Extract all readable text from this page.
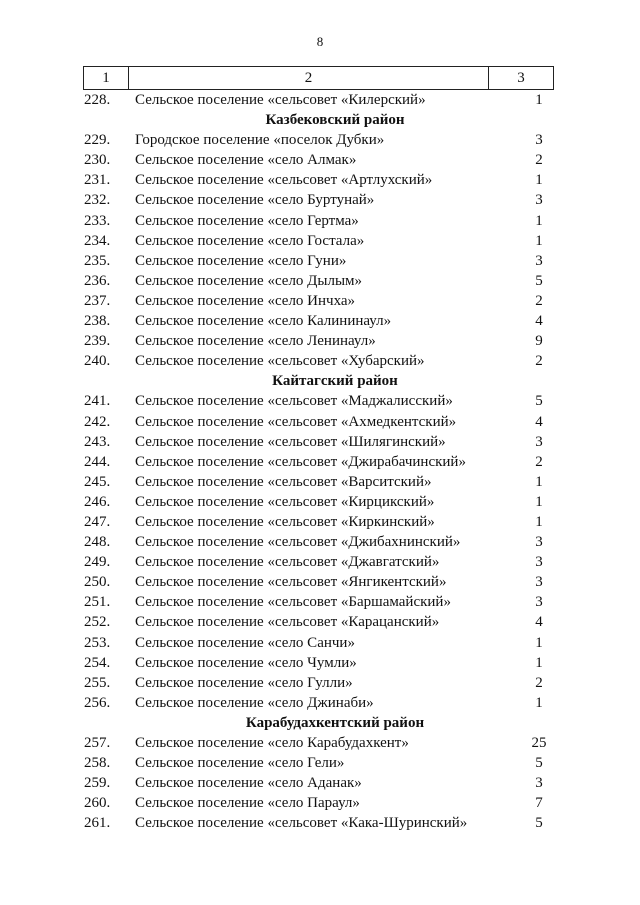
8
1	2	3
228.	Сельское поселение «сельсовет «Килерский»	1
Казбековский район
229.	Городское поселение «поселок Дубки»	3
230.	Сельское поселение «село Алмак»	2
231.	Сельское поселение «сельсовет «Артлухский»	1
232.	Сельское поселение «село Буртунай»	3
233.	Сельское поселение «село Гертма»	1
234.	Сельское поселение «село Гостала»	1
235.	Сельское поселение «село Гуни»	3
236.	Сельское поселение «село Дылым»	5
237.	Сельское поселение «село Инчха»	2
238.	Сельское поселение «село Калининаул»	4
239.	Сельское поселение «село Ленинаул»	9
240.	Сельское поселение «сельсовет «Хубарский»	2
Кайтагский район
241.	Сельское поселение «сельсовет «Маджалисский»	5
242.	Сельское поселение «сельсовет «Ахмедкентский»	4
243.	Сельское поселение «сельсовет «Шилягинский»	3
244.	Сельское поселение «сельсовет «Джирабачинский»	2
245.	Сельское поселение «сельсовет «Варситский»	1
246.	Сельское поселение «сельсовет «Кирцикский»	1
247.	Сельское поселение «сельсовет «Киркинский»	1
248.	Сельское поселение «сельсовет «Джибахнинский»	3
249.	Сельское поселение «сельсовет «Джавгатский»	3
250.	Сельское поселение «сельсовет «Янгикентский»	3
251.	Сельское поселение «сельсовет «Баршамайский»	3
252.	Сельское поселение «сельсовет «Карацанский»	4
253.	Сельское поселение «село Санчи»	1
254.	Сельское поселение «село Чумли»	1
255.	Сельское поселение «село Гулли»	2
256.	Сельское поселение «село Джинаби»	1
Карабудахкентский район
257.	Сельское поселение «село Карабудахкент»	25
258.	Сельское поселение «село Гели»	5
259.	Сельское поселение «село Аданак»	3
260.	Сельское поселение «село Параул»	7
261.	Сельское поселение «сельсовет «Кака-Шуринский»	5
